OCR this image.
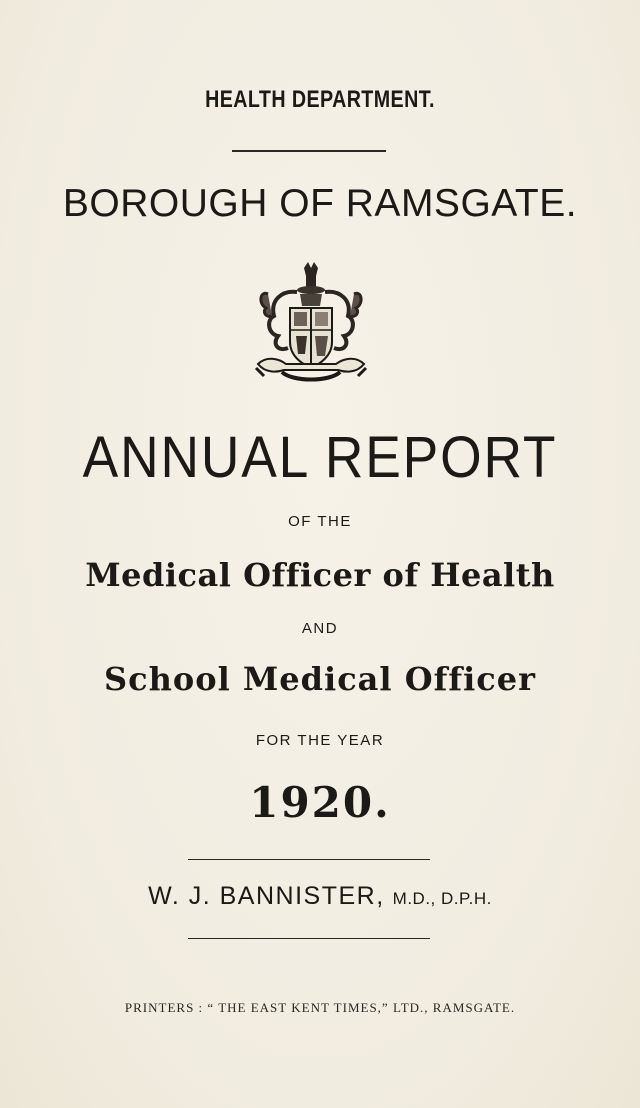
HEALTH DEPARTMENT.
BOROUGH OF RAMSGATE.
ANNUAL REPORT
OF THE
Medical Officer of Health
AND
School Medical Officer
FOR THE YEAR
1920.
W. J. BANNISTER, M.D., D.P.H.
PRINTERS : “ THE EAST KENT TIMES,” LTD., RAMSGATE.
